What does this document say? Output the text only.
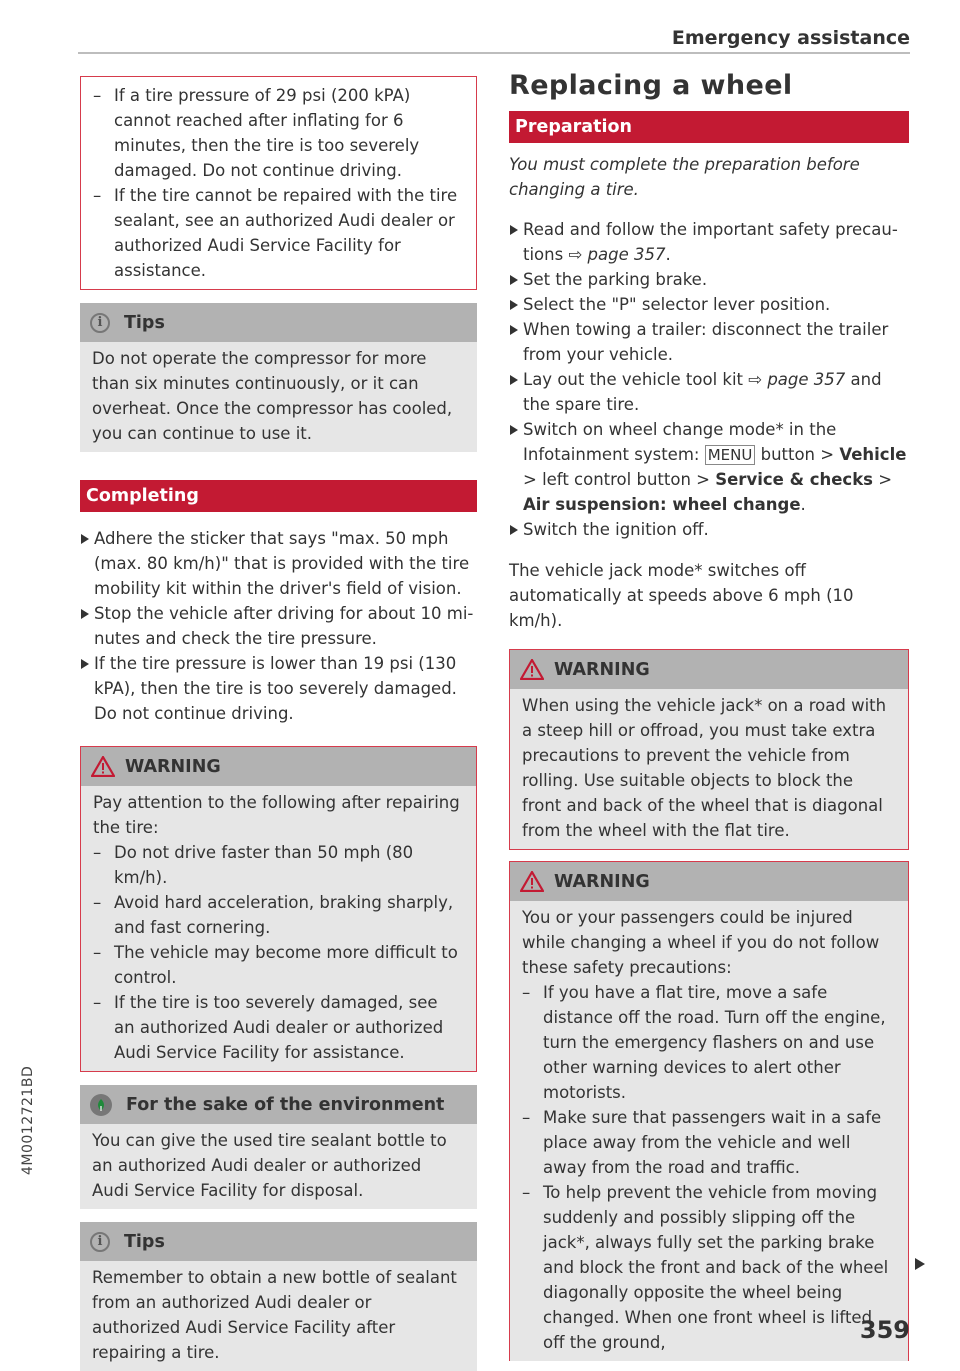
Emergency assistance

– If a tire pressure of 29 psi (200 kPA) cannot reached after inflating for 6 minutes, then the tire is too severely damaged. Do not continue driving.

– If the tire cannot be repaired with the tire sealant, see an authorized Audi dealer or authorized Audi Service Facility for assistance.

i	Tips

Do not operate the compressor for more than six minutes continuously, or it can overheat. Once the compressor has cooled, you can continue to use it.

Completing
Adhere the sticker that says "max. 50 mph (max. 80 km/h)" that is provided with the tire mobility kit within the driver's field of vision.
Stop the vehicle after driving for about 10 minutes and check the tire pressure.
If the tire pressure is lower than 19 psi (130 kPA), then the tire is too severely damaged. Do not continue driving.
WARNING

Pay attention to the following after repairing the tire:

– Do not drive faster than 50 mph (80 km/h).

– Avoid hard acceleration, braking sharply, and fast cornering.

– The vehicle may become more difficult to control.

– If the tire is too severely damaged, see an authorized Audi dealer or authorized Audi Service Facility for assistance.

For the sake of the environment

You can give the used tire sealant bottle to an authorized Audi dealer or authorized Audi Service Facility for disposal.

i	Tips

Remember to obtain a new bottle of sealant from an authorized Audi dealer or authorized Audi Service Facility after repairing a tire.

Replacing a wheel
Preparation

You must complete the preparation before changing a tire.

Read and follow the important safety precautions ⇨ page 357.
Set the parking brake.
Select the "P" selector lever position.
When towing a trailer: disconnect the trailer from your vehicle.
Lay out the vehicle tool kit ⇨ page 357 and the spare tire.
Switch on wheel change mode* in the Infotainment system: MENU button > Vehicle > left control button > Service & checks > Air suspension: wheel change.
Switch the ignition off.

The vehicle jack mode* switches off automatically at speeds above 6 mph (10 km/h).

WARNING

When using the vehicle jack* on a road with a steep hill or offroad, you must take extra precautions to prevent the vehicle from rolling. Use suitable objects to block the front and back of the wheel that is diagonal from the wheel with the flat tire.

WARNING

You or your passengers could be injured while changing a wheel if you do not follow these safety precautions:

– If you have a flat tire, move a safe distance off the road. Turn off the engine, turn the emergency flashers on and use other warning devices to alert other motorists.

– Make sure that passengers wait in a safe place away from the vehicle and well away from the road and traffic.

– To help prevent the vehicle from moving suddenly and possibly slipping off the jack*, always fully set the parking brake and block the front and back of the wheel diagonally opposite the wheel being changed. When one front wheel is lifted off the ground,

4M0012721BD
359
